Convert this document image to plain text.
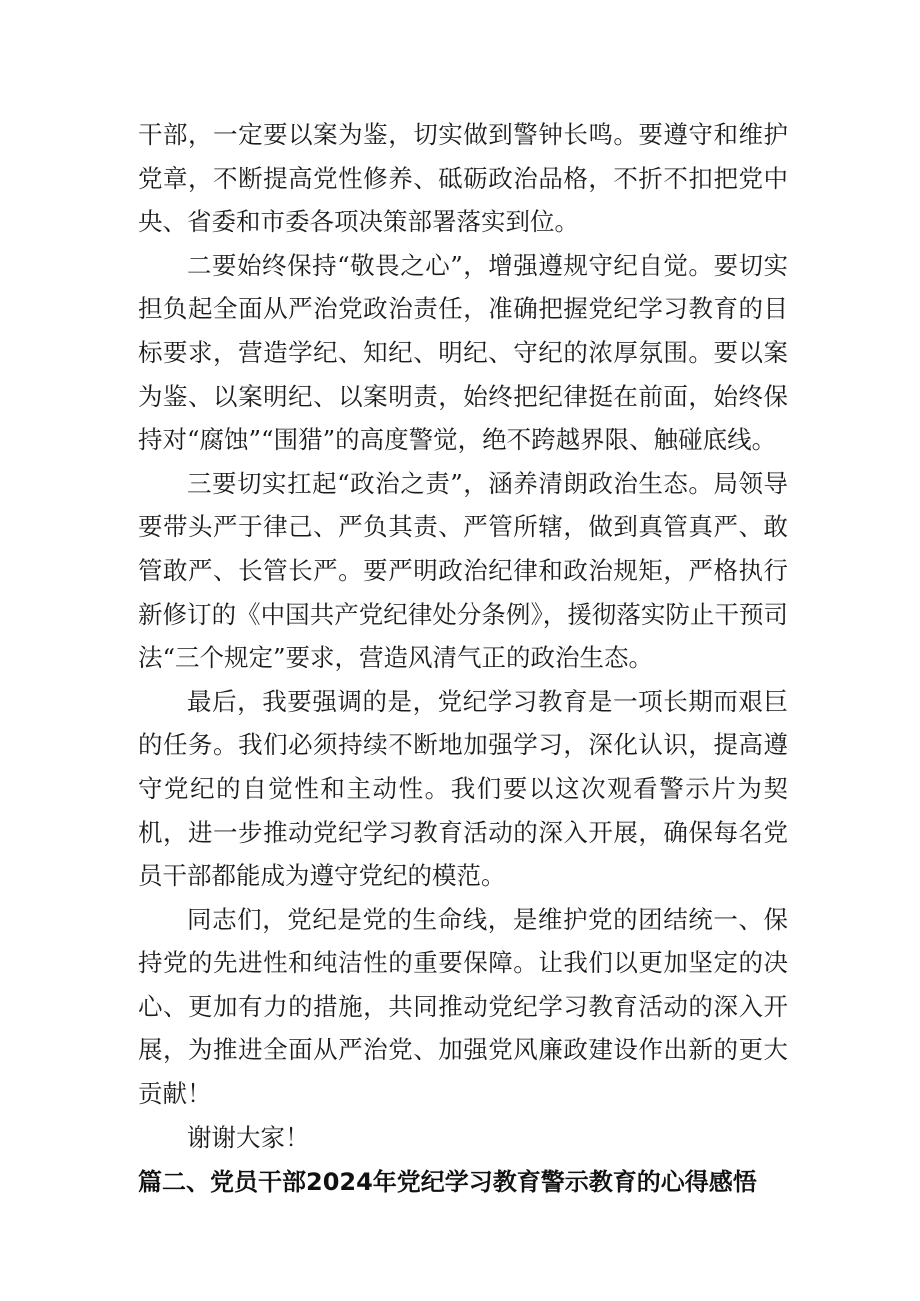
干部，一定要以案为鉴，切实做到警钟长鸣。要遵守和维护党章，不断提高党性修养、砥砺政治品格，不折不扣把党中央、省委和市委各项决策部署落实到位。

二要始终保持“敬畏之心”，增强遵规守纪自觉。要切实担负起全面从严治党政治责任，准确把握党纪学习教育的目标要求，营造学纪、知纪、明纪、守纪的浓厚氛围。要以案为鉴、以案明纪、以案明责，始终把纪律挺在前面，始终保持对“腐蚀”“围猎”的高度警觉，绝不跨越界限、触碰底线。

三要切实扛起“政治之责”，涵养清朗政治生态。局领导要带头严于律己、严负其责、严管所辖，做到真管真严、敢管敢严、长管长严。要严明政治纪律和政治规矩，严格执行新修订的《中国共产党纪律处分条例》，援彻落实防止干预司法“三个规定”要求，营造风清气正的政治生态。

最后，我要强调的是，党纪学习教育是一项长期而艰巨的任务。我们必须持续不断地加强学习，深化认识，提高遵守党纪的自觉性和主动性。我们要以这次观看警示片为契机，进一步推动党纪学习教育活动的深入开展，确保每名党员干部都能成为遵守党纪的模范。

同志们，党纪是党的生命线，是维护党的团结统一、保持党的先进性和纯洁性的重要保障。让我们以更加坚定的决心、更加有力的措施，共同推动党纪学习教育活动的深入开展，为推进全面从严治党、加强党风廉政建设作出新的更大贡献！

谢谢大家！

篇二、党员干部2024年党纪学习教育警示教育的心得感悟
